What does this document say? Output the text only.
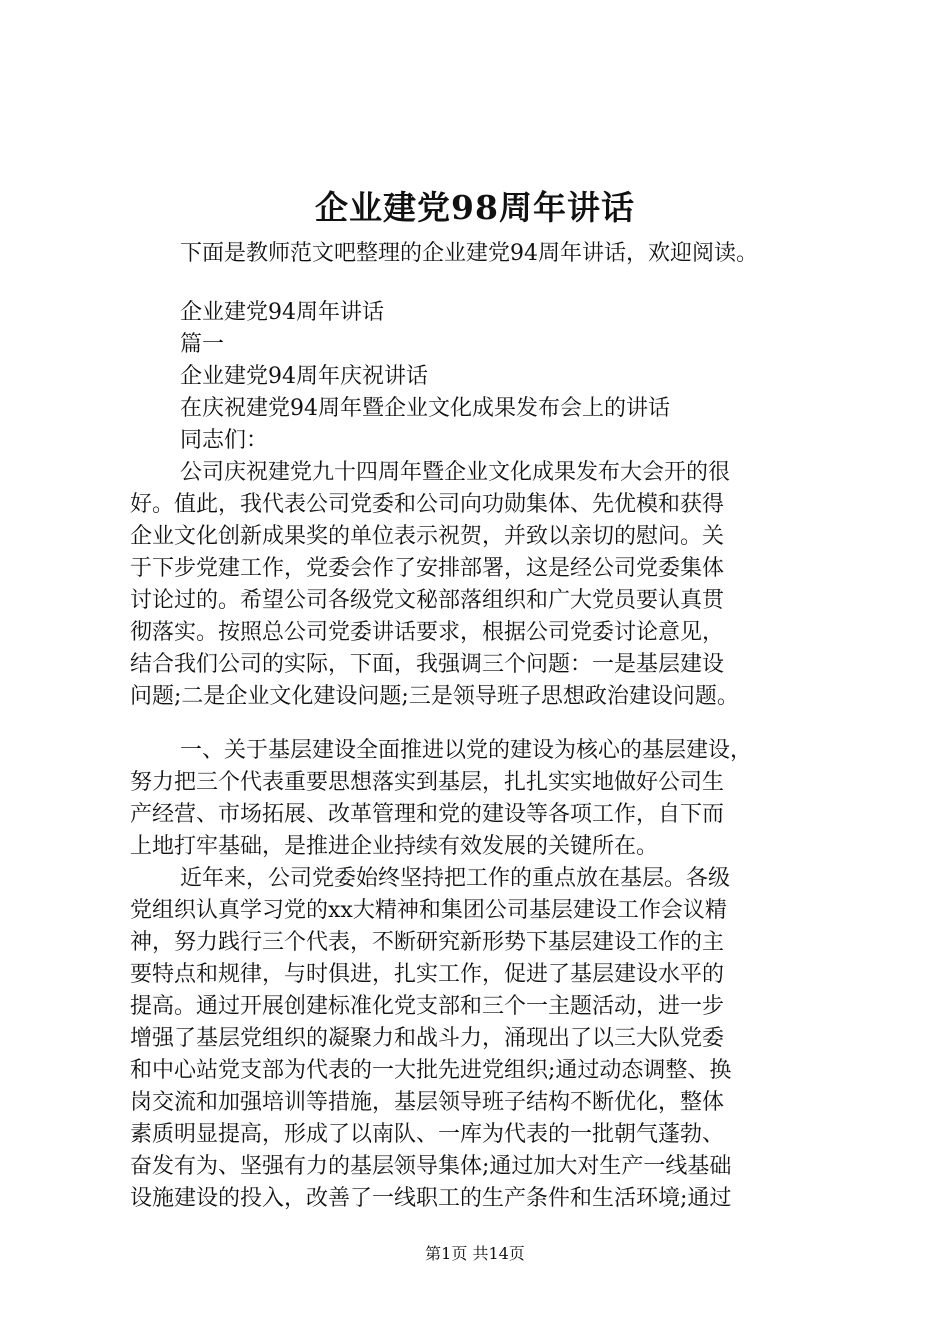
企业建党98周年讲话

下面是教师范文吧整理的企业建党94周年讲话，欢迎阅读。

企业建党94周年讲话
篇一
企业建党94周年庆祝讲话
在庆祝建党94周年暨企业文化成果发布会上的讲话
同志们：
公司庆祝建党九十四周年暨企业文化成果发布大会开的很
好。值此，我代表公司党委和公司向功勋集体、先优模和获得
企业文化创新成果奖的单位表示祝贺，并致以亲切的慰问。关
于下步党建工作，党委会作了安排部署，这是经公司党委集体
讨论过的。希望公司各级党文秘部落组织和广大党员要认真贯
彻落实。按照总公司党委讲话要求，根据公司党委讨论意见，
结合我们公司的实际，下面，我强调三个问题：一是基层建设
问题;二是企业文化建设问题;三是领导班子思想政治建设问题。
一、关于基层建设全面推进以党的建设为核心的基层建设，
努力把三个代表重要思想落实到基层，扎扎实实地做好公司生
产经营、市场拓展、改革管理和党的建设等各项工作，自下而
上地打牢基础，是推进企业持续有效发展的关键所在。
近年来，公司党委始终坚持把工作的重点放在基层。各级
党组织认真学习党的xx大精神和集团公司基层建设工作会议精
神，努力践行三个代表，不断研究新形势下基层建设工作的主
要特点和规律，与时俱进，扎实工作，促进了基层建设水平的
提高。通过开展创建标准化党支部和三个一主题活动，进一步
增强了基层党组织的凝聚力和战斗力，涌现出了以三大队党委
和中心站党支部为代表的一大批先进党组织;通过动态调整、换
岗交流和加强培训等措施，基层领导班子结构不断优化，整体
素质明显提高，形成了以南队、一库为代表的一批朝气蓬勃、
奋发有为、坚强有力的基层领导集体;通过加大对生产一线基础
设施建设的投入，改善了一线职工的生产条件和生活环境;通过

第1页 共14页
